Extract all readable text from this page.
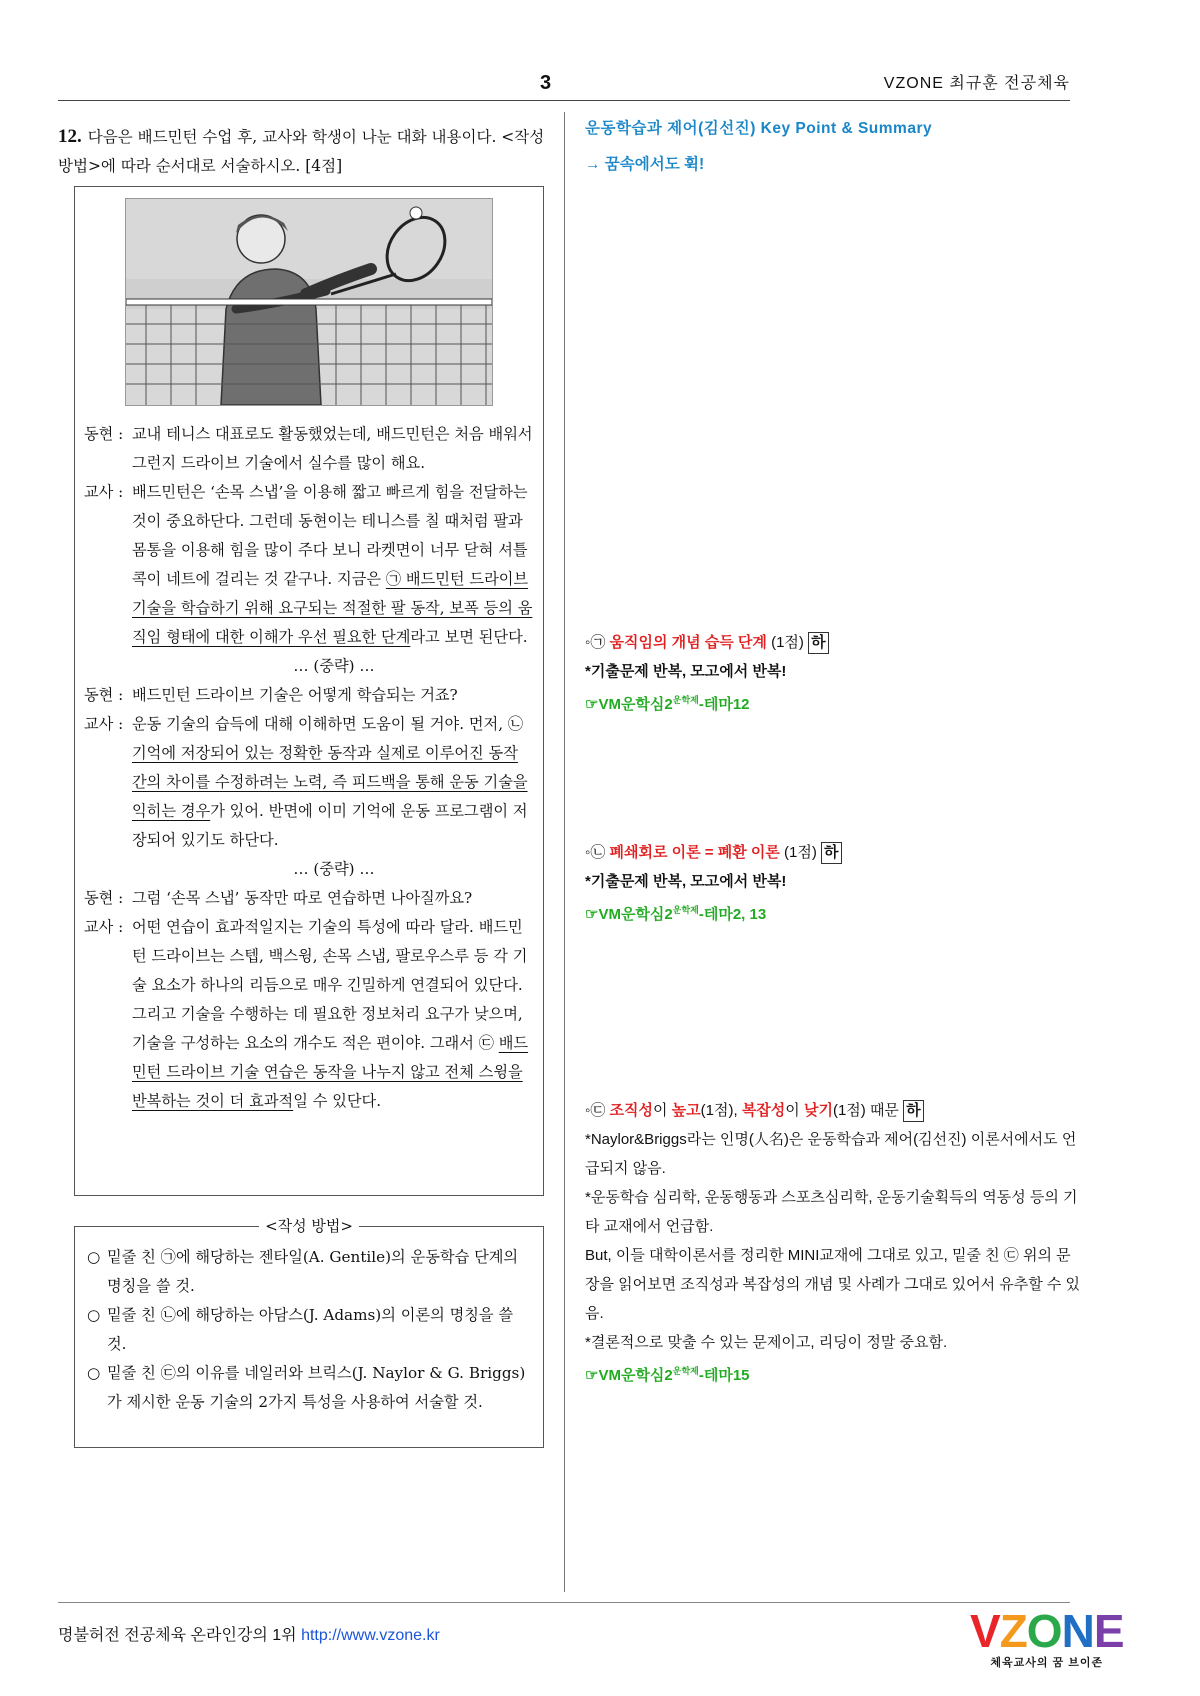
3	VZONE 최규훈 전공체육
12. 다음은 배드민턴 수업 후, 교사와 학생이 나눈 대화 내용이다. <작성 방법>에 따라 순서대로 서술하시오. [4점]
동현 : 교내 테니스 대표로도 활동했었는데, 배드민턴은 처음 배워서 그런지 드라이브 기술에서 실수를 많이 해요.
교사 : 배드민턴은 ‘손목 스냅’을 이용해 짧고 빠르게 힘을 전달하는 것이 중요하단다. 그런데 동현이는 테니스를 칠 때처럼 팔과 몸통을 이용해 힘을 많이 주다 보니 라켓면이 너무 닫혀 셔틀콕이 네트에 걸리는 것 같구나. 지금은 ㉠ 배드민턴 드라이브 기술을 학습하기 위해 요구되는 적절한 팔 동작, 보폭 등의 움직임 형태에 대한 이해가 우선 필요한 단계라고 보면 된단다.
… (중략) …
동현 : 배드민턴 드라이브 기술은 어떻게 학습되는 거죠?
교사 : 운동 기술의 습득에 대해 이해하면 도움이 될 거야. 먼저, ㉡ 기억에 저장되어 있는 정확한 동작과 실제로 이루어진 동작 간의 차이를 수정하려는 노력, 즉 피드백을 통해 운동 기술을 익히는 경우가 있어. 반면에 이미 기억에 운동 프로그램이 저장되어 있기도 하단다.
… (중략) …
동현 : 그럼 ‘손목 스냅’ 동작만 따로 연습하면 나아질까요?
교사 : 어떤 연습이 효과적일지는 기술의 특성에 따라 달라. 배드민턴 드라이브는 스텝, 백스윙, 손목 스냅, 팔로우스루 등 각 기술 요소가 하나의 리듬으로 매우 긴밀하게 연결되어 있단다. 그리고 기술을 수행하는 데 필요한 정보처리 요구가 낮으며, 기술을 구성하는 요소의 개수도 적은 편이야. 그래서 ㉢ 배드민턴 드라이브 기술 연습은 동작을 나누지 않고 전체 스윙을 반복하는 것이 더 효과적일 수 있단다.
<작성 방법>
○ 밑줄 친 ㉠에 해당하는 젠타일(A. Gentile)의 운동학습 단계의 명칭을 쓸 것.
○ 밑줄 친 ㉡에 해당하는 아담스(J. Adams)의 이론의 명칭을 쓸 것.
○ 밑줄 친 ㉢의 이유를 네일러와 브릭스(J. Naylor & G. Briggs)가 제시한 운동 기술의 2가지 특성을 사용하여 서술할 것.
운동학습과 제어(김선진) Key Point & Summary
→ 꿈속에서도 휙!
◦㉠ 움직임의 개념 습득 단계 (1점) 하
*기출문제 반복, 모고에서 반복!
☞VM운학심$2^{운학제}-$테마12
◦㉡ 폐쇄회로 이론 = 폐환 이론 (1점) 하
*기출문제 반복, 모고에서 반복!
☞VM운학심$2^{운학제}-$테마2, 13
◦㉢ 조직성이 높고(1점), 복잡성이 낮기(1점) 때문 하
*Naylor&Briggs라는 인명(人名)은 운동학습과 제어(김선진) 이론서에서도 언급되지 않음.
*운동학습 심리학, 운동행동과 스포츠심리학, 운동기술획득의 역동성 등의 기타 교재에서 언급함.
But, 이들 대학이론서를 정리한 MINI교재에 그대로 있고, 밑줄 친 ㉢ 위의 문장을 읽어보면 조직성과 복잡성의 개념 및 사례가 그대로 있어서 유추할 수 있음.
*결론적으로 맞출 수 있는 문제이고, 리딩이 정말 중요함.
☞VM운학심$2^{운학제}-$테마15
명불허전 전공체육 온라인강의 1위 http://www.vzone.kr	VZONE
체육교사의 꿈 브이존
